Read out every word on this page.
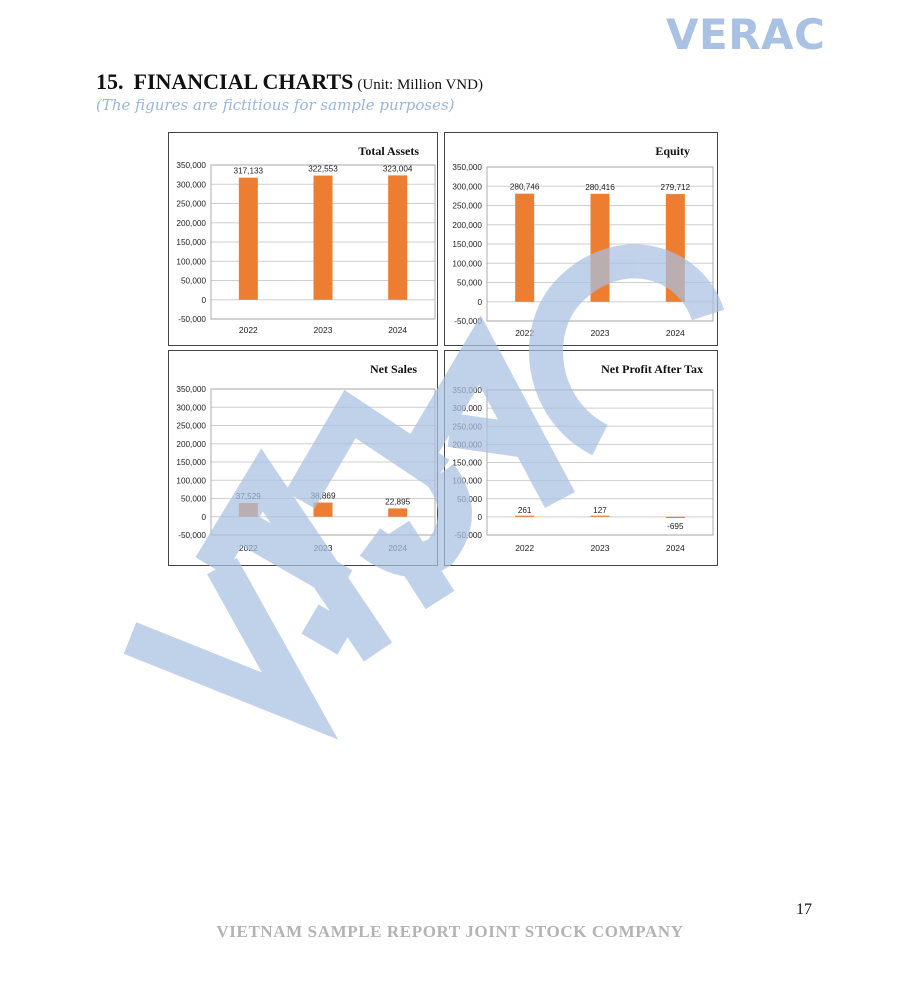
VERAC
15. FINANCIAL CHARTS (Unit: Million VND)
(The figures are fictitious for sample purposes)
Total Assets
350,000
300,000
250,000
200,000
150,000
100,000
50,000
0
-50,000
317,133
2022
322,553
2023
323,004
2024
Equity
350,000
300,000
250,000
200,000
150,000
100,000
50,000
0
-50,000
280,746
2022
280,416
2023
279,712
2024
Net Sales
350,000
300,000
250,000
200,000
150,000
100,000
50,000
0
-50,000
37,529
2022
38,869
2023
22,895
2024
Net Profit After Tax
350,000
300,000
250,000
200,000
150,000
100,000
50,000
0
-50,000
261
2022
127
2023
-695
2024
17
VIETNAM SAMPLE REPORT JOINT STOCK COMPANY
